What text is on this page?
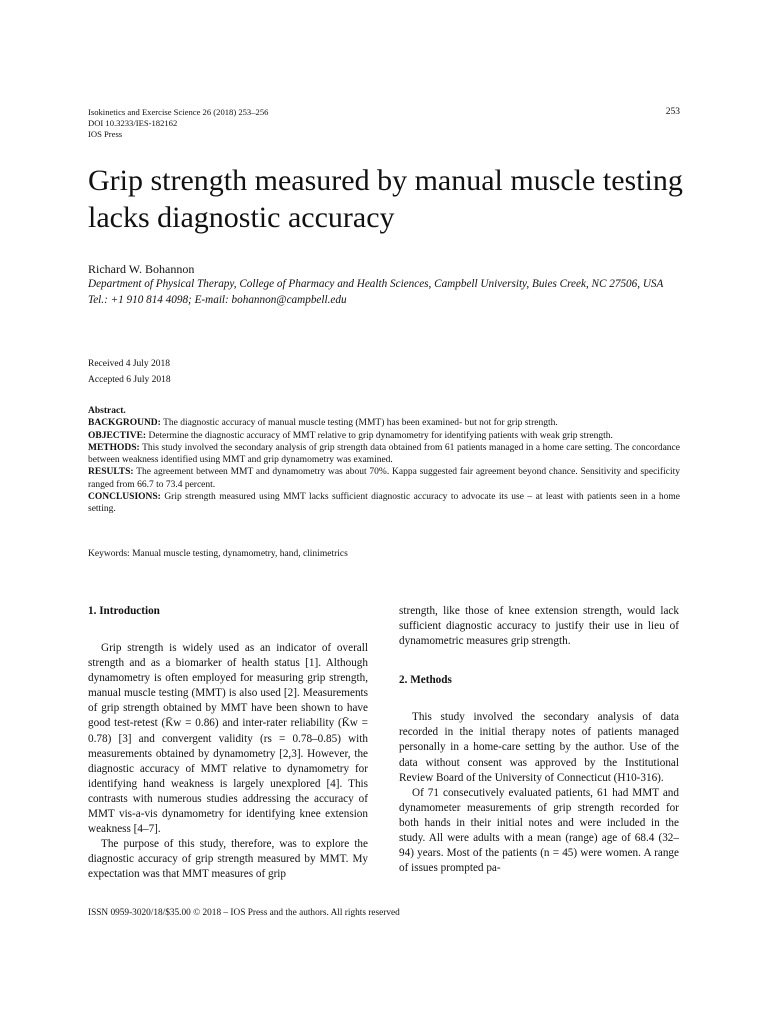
Isokinetics and Exercise Science 26 (2018) 253–256
DOI 10.3233/IES-182162
IOS Press
253
Grip strength measured by manual muscle testing lacks diagnostic accuracy
Richard W. Bohannon
Department of Physical Therapy, College of Pharmacy and Health Sciences, Campbell University, Buies Creek, NC 27506, USA
Tel.: +1 910 814 4098; E-mail: bohannon@campbell.edu
Received 4 July 2018
Accepted 6 July 2018
Abstract.
BACKGROUND: The diagnostic accuracy of manual muscle testing (MMT) has been examined- but not for grip strength.
OBJECTIVE: Determine the diagnostic accuracy of MMT relative to grip dynamometry for identifying patients with weak grip strength.
METHODS: This study involved the secondary analysis of grip strength data obtained from 61 patients managed in a home care setting. The concordance between weakness identified using MMT and grip dynamometry was examined.
RESULTS: The agreement between MMT and dynamometry was about 70%. Kappa suggested fair agreement beyond chance. Sensitivity and specificity ranged from 66.7 to 73.4 percent.
CONCLUSIONS: Grip strength measured using MMT lacks sufficient diagnostic accuracy to advocate its use – at least with patients seen in a home setting.
Keywords: Manual muscle testing, dynamometry, hand, clinimetrics
1. Introduction

Grip strength is widely used as an indicator of overall strength and as a biomarker of health status [1]. Although dynamometry is often employed for measuring grip strength, manual muscle testing (MMT) is also used [2]. Measurements of grip strength obtained by MMT have been shown to have good test-retest (K̄w = 0.86) and inter-rater reliability (K̄w = 0.78) [3] and convergent validity (rs = 0.78–0.85) with measurements obtained by dynamometry [2,3]. However, the diagnostic accuracy of MMT relative to dynamometry for identifying hand weakness is largely unexplored [4]. This contrasts with numerous studies addressing the accuracy of MMT vis-a-vis dynamometry for identifying knee extension weakness [4–7].

The purpose of this study, therefore, was to explore the diagnostic accuracy of grip strength measured by MMT. My expectation was that MMT measures of grip

strength, like those of knee extension strength, would lack sufficient diagnostic accuracy to justify their use in lieu of dynamometric measures grip strength.

2. Methods

This study involved the secondary analysis of data recorded in the initial therapy notes of patients managed personally in a home-care setting by the author. Use of the data without consent was approved by the Institutional Review Board of the University of Connecticut (H10-316).

Of 71 consecutively evaluated patients, 61 had MMT and dynamometer measurements of grip strength recorded for both hands in their initial notes and were included in the study. All were adults with a mean (range) age of 68.4 (32–94) years. Most of the patients (n = 45) were women. A range of issues prompted pa-

ISSN 0959-3020/18/$35.00 © 2018 – IOS Press and the authors. All rights reserved
